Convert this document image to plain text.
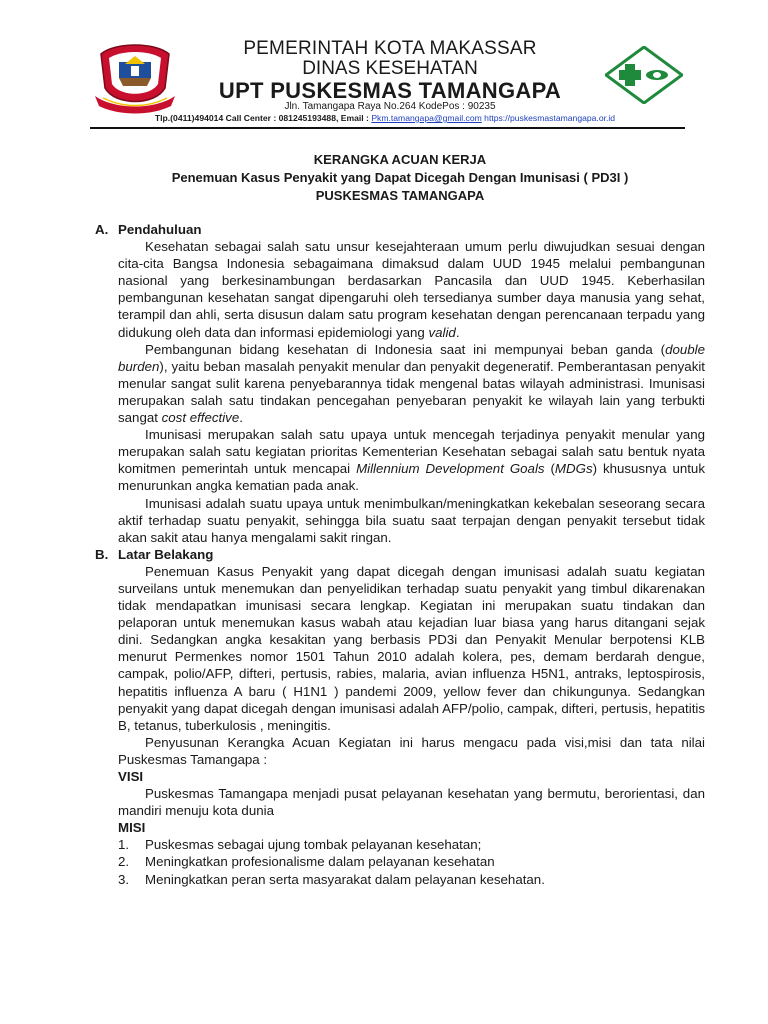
PEMERINTAH KOTA MAKASSAR

DINAS KESEHATAN

UPT PUSKESMAS TAMANGAPA

Jln. Tamangapa Raya No.264 KodePos : 90235

Tlp.(0411)494014 Call Center : 081245193488, Email : Pkm.tamangapa@gmail.com https://puskesmastamangapa.or.id

KERANGKA ACUAN KERJA

Penemuan Kasus Penyakit yang Dapat Dicegah Dengan Imunisasi ( PD3I )

PUSKESMAS TAMANGAPA

A. Pendahuluan

Kesehatan sebagai salah satu unsur kesejahteraan umum perlu diwujudkan sesuai dengan cita-cita Bangsa Indonesia sebagaimana dimaksud dalam UUD 1945 melalui pembangunan nasional yang berkesinambungan berdasarkan Pancasila dan UUD 1945. Keberhasilan pembangunan kesehatan sangat dipengaruhi oleh tersedianya sumber daya manusia yang sehat, terampil dan ahli, serta disusun dalam satu program kesehatan dengan perencanaan terpadu yang didukung oleh data dan informasi epidemiologi yang valid.

Pembangunan bidang kesehatan di Indonesia saat ini mempunyai beban ganda (double burden), yaitu beban masalah penyakit menular dan penyakit degeneratif. Pemberantasan penyakit menular sangat sulit karena penyebarannya tidak mengenal batas wilayah administrasi. Imunisasi merupakan salah satu tindakan pencegahan penyebaran penyakit ke wilayah lain yang terbukti sangat cost effective.

Imunisasi merupakan salah satu upaya untuk mencegah terjadinya penyakit menular yang merupakan salah satu kegiatan prioritas Kementerian Kesehatan sebagai salah satu bentuk nyata komitmen pemerintah untuk mencapai Millennium Development Goals (MDGs) khususnya untuk menurunkan angka kematian pada anak.

Imunisasi adalah suatu upaya untuk menimbulkan/meningkatkan kekebalan seseorang secara aktif terhadap suatu penyakit, sehingga bila suatu saat terpajan dengan penyakit tersebut tidak akan sakit atau hanya mengalami sakit ringan.

B. Latar Belakang

Penemuan Kasus Penyakit yang dapat dicegah dengan imunisasi adalah suatu kegiatan surveilans untuk menemukan dan penyelidikan terhadap suatu penyakit yang timbul dikarenakan tidak mendapatkan imunisasi secara lengkap. Kegiatan ini merupakan suatu tindakan dan pelaporan untuk menemukan kasus wabah atau kejadian luar biasa yang harus ditangani sejak dini. Sedangkan angka kesakitan yang berbasis PD3i dan Penyakit Menular berpotensi KLB menurut Permenkes nomor 1501 Tahun 2010 adalah kolera, pes, demam berdarah dengue, campak, polio/AFP, difteri, pertusis, rabies, malaria, avian influenza H5N1, antraks, leptospirosis, hepatitis influenza A baru ( H1N1 ) pandemi 2009, yellow fever dan chikungunya. Sedangkan penyakit yang dapat dicegah dengan imunisasi adalah AFP/polio, campak, difteri, pertusis, hepatitis B, tetanus, tuberkulosis , meningitis.

Penyusunan Kerangka Acuan Kegiatan ini harus mengacu pada visi,misi dan tata nilai Puskesmas Tamangapa :

VISI

Puskesmas Tamangapa menjadi pusat pelayanan kesehatan yang bermutu, berorientasi, dan mandiri menuju kota dunia

MISI

1.	Puskesmas sebagai ujung tombak pelayanan kesehatan;

2.	Meningkatkan profesionalisme dalam pelayanan kesehatan

3.	Meningkatkan peran serta masyarakat dalam pelayanan kesehatan.
